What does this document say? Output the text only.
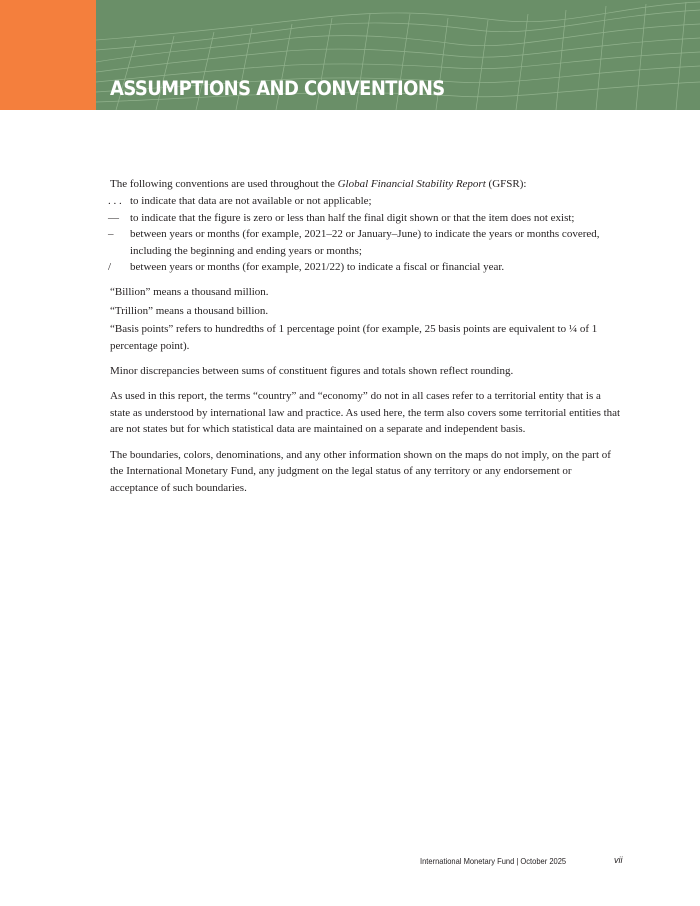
ASSUMPTIONS AND CONVENTIONS

The following conventions are used throughout the Global Financial Stability Report (GFSR):

. . . to indicate that data are not available or not applicable;
—	to indicate that the figure is zero or less than half the final digit shown or that the item does not exist;
–	between years or months (for example, 2021–22 or January–June) to indicate the years or months covered, including the beginning and ending years or months;
/	between years or months (for example, 2021/22) to indicate a fiscal or financial year.

“Billion” means a thousand million.

“Trillion” means a thousand billion.

“Basis points” refers to hundredths of 1 percentage point (for example, 25 basis points are equivalent to ¼ of 1 percentage point).

Minor discrepancies between sums of constituent figures and totals shown reflect rounding.

As used in this report, the terms “country” and “economy” do not in all cases refer to a territorial entity that is a state as understood by international law and practice. As used here, the term also covers some territorial entities that are not states but for which statistical data are maintained on a separate and independent basis.

The boundaries, colors, denominations, and any other information shown on the maps do not imply, on the part of the International Monetary Fund, any judgment on the legal status of any territory or any endorsement or acceptance of such boundaries.

International Monetary Fund | October 2025	vii
